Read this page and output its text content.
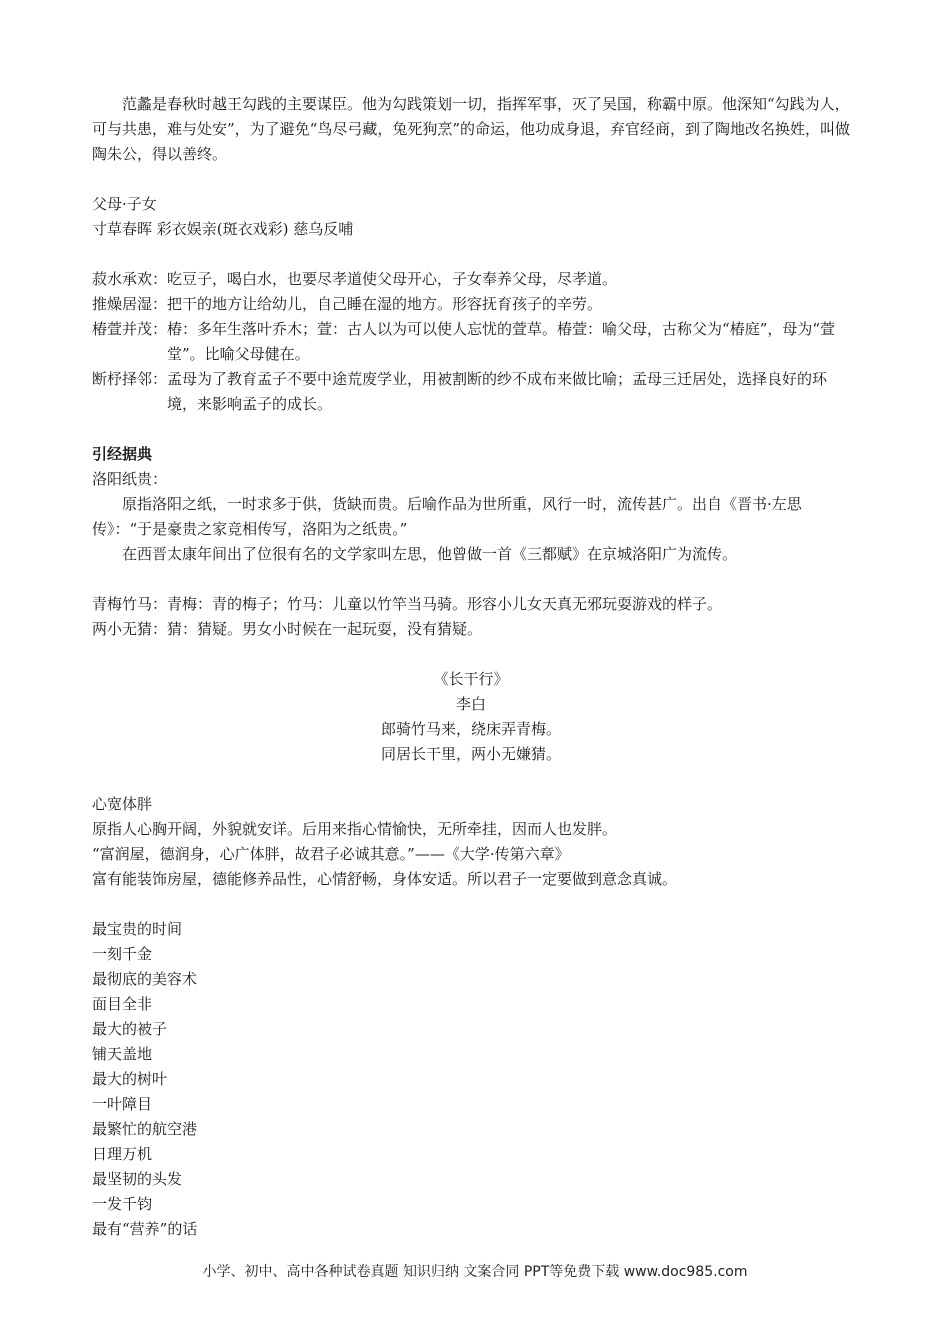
范蠡是春秋时越王勾践的主要谋臣。他为勾践策划一切，指挥军事，灭了吴国，称霸中原。他深知“勾践为人，可与共患，难与处安”，为了避免“鸟尽弓藏，兔死狗烹”的命运，他功成身退，弃官经商，到了陶地改名换姓，叫做陶朱公，得以善终。

父母·子女

寸草春晖 彩衣娱亲(斑衣戏彩) 慈乌反哺

菽水承欢： 吃豆子，喝白水，也要尽孝道使父母开心，子女奉养父母，尽孝道。
推燥居湿： 把干的地方让给幼儿，自己睡在湿的地方。形容抚育孩子的辛劳。
椿萱并茂： 椿：多年生落叶乔木；萱：古人以为可以使人忘忧的萱草。椿萱：喻父母，古称父为“椿庭”，母为“萱堂”。比喻父母健在。
断杼择邻： 孟母为了教育孟子不要中途荒废学业，用被割断的纱不成布来做比喻；孟母三迁居处，选择良好的环境，来影响孟子的成长。

引经据典

洛阳纸贵：

原指洛阳之纸，一时求多于供，货缺而贵。后喻作品为世所重，风行一时，流传甚广。出自《晋书·左思传》：“于是豪贵之家竞相传写，洛阳为之纸贵。”

在西晋太康年间出了位很有名的文学家叫左思，他曾做一首《三都赋》在京城洛阳广为流传。

青梅竹马：青梅：青的梅子；竹马：儿童以竹竿当马骑。形容小儿女天真无邪玩耍游戏的样子。

两小无猜：猜：猜疑。男女小时候在一起玩耍，没有猜疑。

《长干行》

李白

郎骑竹马来，绕床弄青梅。

同居长干里，两小无嫌猜。

心宽体胖

原指人心胸开阔，外貌就安详。后用来指心情愉快，无所牵挂，因而人也发胖。

“富润屋，德润身，心广体胖，故君子必诚其意。”——《大学·传第六章》

富有能装饰房屋，德能修养品性，心情舒畅，身体安适。所以君子一定要做到意念真诚。

最宝贵的时间

一刻千金

最彻底的美容术

面目全非

最大的被子

铺天盖地

最大的树叶

一叶障目

最繁忙的航空港

日理万机

最坚韧的头发

一发千钧

最有“营养”的话

小学、初中、高中各种试卷真题 知识归纳 文案合同 PPT等免费下载 www.doc985.com
